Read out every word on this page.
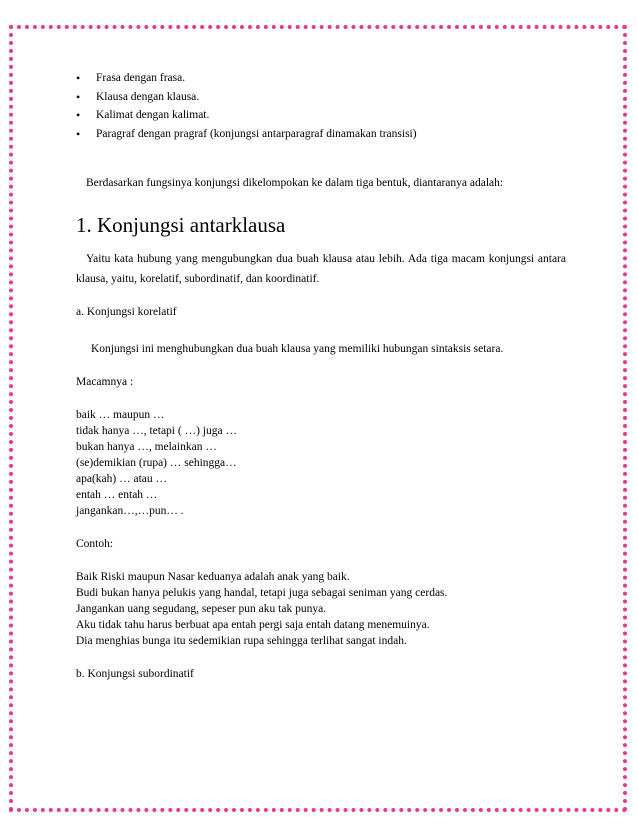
• Frasa dengan frasa.
• Klausa dengan klausa.
• Kalimat dengan kalimat.
• Paragraf dengan pragraf (konjungsi antarparagraf dinamakan transisi)

Berdasarkan fungsinya konjungsi dikelompokan ke dalam tiga bentuk, diantaranya adalah:

1. Konjungsi antarklausa

Yaitu kata hubung yang mengubungkan dua buah klausa atau lebih. Ada tiga macam konjungsi antara

klausa, yaitu, korelatif, subordinatif, dan koordinatif.

a. Konjungsi korelatif

Konjungsi ini menghubungkan dua buah klausa yang memiliki hubungan sintaksis setara.

Macamnya :

baik … maupun …
tidak hanya …, tetapi ( …) juga …
bukan hanya …, melainkan …
(se)demikian (rupa) … sehingga…
apa(kah) … atau …
entah … entah …
jangankan…,…pun… .

Contoh:

Baik Riski maupun Nasar keduanya adalah anak yang baik.
Budi bukan hanya pelukis yang handal, tetapi juga sebagai seniman yang cerdas.
Jangankan uang segudang, sepeser pun aku tak punya.
Aku tidak tahu harus berbuat apa entah pergi saja entah datang menemuinya.
Dia menghias bunga itu sedemikian rupa sehingga terlihat sangat indah.

b. Konjungsi subordinatif
